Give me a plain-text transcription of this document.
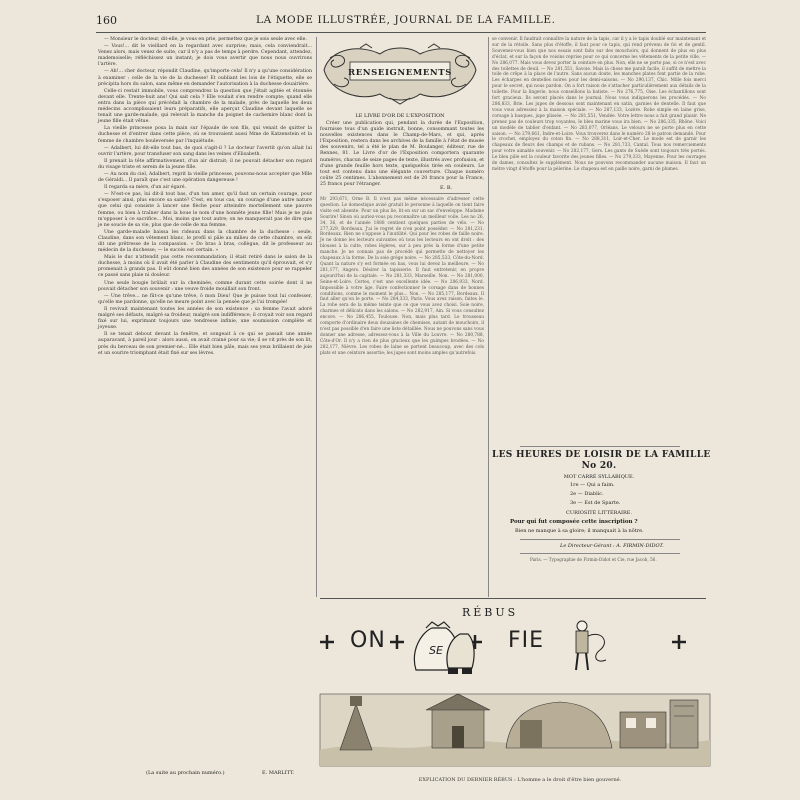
160	LA MODE ILLUSTRÉE, JOURNAL DE LA FAMILLE.

— Monsieur le docteur, dit-elle, je vous en prie, permettez que je sois seule avec elle.

— Vous!... dit le vieillard en la regardant avec surprise; mais, cela conviendrait... Venez alors, mais venez de suite, car il n'y a pas de temps à perdre. Cependant, attendez, mademoiselle; réfléchissez un instant; je dois vous avertir que nous nous ouvrirons l'artère.

— Ah!... cher docteur, répondit Claudine, qu'importe cela! Il n'y a qu'une considération à examiner : celle de la vie de la duchesse! Et oubliant les lois de l'étiquette, elle se précipita hors du salon, sans même en demander l'autorisation à la duchesse douairière.

Celle-ci restait immobile, vous comprendrez la question que j'était agitée et étonnée devant elle. Trente-huit ans! Qui sait cela ? Elle voulait s'en rendre compte; quand elle entra dans la pièce qui précédait la chambre de la malade, près de laquelle les deux médecins accomplissaient leurs préparatifs, elle aperçut Claudine devant laquelle se tenait une garde-malade, qui relevait la manche du poignet de cachemire blanc dont la jeune fille était vêtue.

La vieille princesse posa la main sur l'épaule de son fils, qui venait de quitter la duchesse et d'entrer dans cette pièce, où se trouvaient aussi Mme de Katzenstein et la femme de chambre bouleversée par l'inquiétude.

— Adalbert, lui dit-elle tout bas, de quoi s'agit-il ? Le docteur l'avertit qu'on allait lui ouvrir l'artère, pour transfuser son sang dans les veines d'Elisabeth.

Il prenait la tête affirmativement, d'un air distrait; il ne pouvait détacher son regard du visage triste et serein de la jeune fille.

— Au nom du ciel, Adalbert, reprit la vieille princesse, pouvons-nous accepter que Mlle de Géraldi... Il paraît que c'est une opération dangereuse !

Il regarda sa mère, d'un air égaré.

— N'est-ce pas, lui dit-il tout bas, d'un ton amer, qu'il faut un certain courage, pour s'exposer ainsi, plus encore sa santé? C'est, en tous cas, un courage d'une autre nature que celui qui consiste à lancer une flèche pour atteindre mortellement une pauvre femme, ou bien à traîner dans la boue le nom d'une honnête jeune fille! Mais je ne puis m'opposer à ce sacrifice... Moi, moins que tout autre; on ne manquerait pas de dire que je ne soucie de sa vie, plus que de celle de ma femme.

Une garde-malade baissa les rideaux dans la chambre de la duchesse : seule, Claudine, dans son vêtement blanc, le profil si pâle au milieu de cette chambre, on eût dit une prêtresse de la compassion. « Do bras à bras, collègue, dit le professeur au médecin de la duchesse; — le succès est certain. »

Mais le duc n'attendit pas cette recommandation; il était retiré dans le salon de la duchesse, à moins où il avait été parler à Claudine des sentiments qu'il éprouvait, et s'y promenait à grands pas. Il eût donné bien des années de son existence pour se rappeler ce passé sans plaie ni douleur.

Une seule bougie brûlait sur la cheminée, comme durant cette soirée dont il ne pouvait détacher son souvenir : une veuve froide mouillait son front.

— Une trêve... ne fût-ce qu'une trêve, ô mon Dieu! Que je puisse tout lui confesser, qu'elle me pardonne, qu'elle ne meure point avec la pensée que je l'ai trompée!

Il revivait maintenant toutes les années de son existence : sa femme l'avait adoré malgré ses défauts, malgré sa froideur, malgré son indifférence; il croyait voir son regard fixé sur lui, exprimant toujours une tendresse infinie, une soumission complète et joyeuse.

Il se tenait debout devant la fenêtre, et songeait à ce qui se passait une année auparavant, à pareil jour : alors aussi, on avait crainé pour sa vie; il se vit près de son lit, près du berceau de son premier-né... Elle était bien pâle, mais ses yeux brillaient de joie et un sourire triomphant était fixé sur ses lèvres.

(La suite au prochain numéro.)	E. MARLITT.
RENSEIGNEMENTS
LE LIVRE D'OR DE L'EXPOSITION

Créer une publication qui, pendant la durée de l'Exposition, fournisse tous d'un guide instruit, bonne, consommant toutes les nouvelles existences dans le Champ-de-Mars, et qui, après l'Exposition, restera dans les archives de la famille à l'état de musée des souvenirs, tel a été le plan de M. Boulanger, éditeur, rue de Rennes, 81. Le Livre d'or de l'Exposition comportera quarante numéros, chacun de seize pages de texte, illustrés avec profusion, et d'une grande feuille hors texte, quelquefois tirée en couleurs. Le tout est contenu dans une élégante couverture. Chaque numéro coûte 25 centimes. L'abonnement est de 20 francs pour la France, 25 francs pour l'étranger.

E. B.
Mr 293,671, Orne B. Il n'est pas même nécessaire d'adresser cette question. Le domestique avisé gratuit le personne à laquelle on tient faire visite est absente. Pour un plus lie, lit-on sur un sac d'enveloppe. Madame Sourire! Sinon où auriez-vous pu reconnaître un meilleur voile. Les no 26, 34, 36, et de l'année 1888 centient quelques parties de vélo. — No 277,329, Bordeaux. J'ai le regret de n'en point posséder. — No 281,231, Bordeaux. Rien ne s'oppose à l'inutilité. Qui pour les robes de faille noire. Je ne donne les lecteurs suivantes où tous les lecteurs en ont droit : des blouses à la culte, robes légères, sur à peu près la forme d'une petite manche. Je ne connais pas de procédé qui permette de nettoyer les chapeaux à la forme. De la soie grège noire. — No 285,533, Côte-du-Nord. Quant la nature s'y est formée en bas, vous lui devez la meilleure. — No 281,177, Angers. Désirer la tapisserie. Il faut entretenir, en propre aujourd'hui de la capitale. — No 281,333, Marseille. Non. — No 281,000, Seine-et-Loire. Certes, c'est une excellente idée. — No 286,933, Nord. Impossible à votre âge. Faire confectionner le corsage dans de bonnes conditions, comme le moment le plus... Non. — No 285,177, Bordeaux. Il faut aller qu'on le porte. — No 284,333, Paris. Vous avez raison, faites le. La robe sera de la même teinte que ce que vous avez choisi. Soie noire, charmes et délicats dans les salons. — No 282,917, Ain. Si vous consultez encore. — No 286,455, Toulouse. Non, mais plus tard. Le trousseau comporte d'ordinaire deux douzaines de chemises, autant de mouchoirs, il n'est pas possible d'en faire une liste détaillée. Nous ne pouvons sans vous donner une adresse, adressez-vous à la Ville du Louvre. — No 280,788, Côte-d'Or. Il n'y a rien de plus gracieux que les guimpes brodées. — No 282,177, Nièvre. Les robes de laine se portent beaucoup, avec des cols plats et une ceinture assortie; les jupes sont moins amples qu'autrefois.
se convenir. Il faudrait connaître la nature de la tapis, car il y a le tapis doublé sur maintenant et sur de la rétoile. Sans plus d'étoffe, il faut pour ce tapis, qui rend prévenu de foi et de gentil. Souvenez-vous bien que nos essais sont faits sur des mouchoirs, qui donnent de plus en plus d'éclat, et sur la façon de voisins reprise pour ce qui concerne les vêtements de la petite ville. — No 286,077. Mais vous devez porter la ceinture en plus. Non, elle ne se porte pas, si ce n'est avec des toilettes de deuil. — No 281,551, Savoie. Mais la chose me paraît facile, il suffit de mettre la toile de crêpe à la place de l'autre. Sans aucun doute, les manches plates font partie de la robe. Les écharpes en dentelles noires pour les demi-saisons. — No 290,137, Chic. Mille fois merci pour le secret, qui nous pardon. On a fort raison de s'attacher particulièrement aux détails de la toilette. Pour la lingerie, nous conseillons la batiste. — No 276,775, Oise. Les échantillons sont fort gracieux. Ils seront placés dans le journal. Nous vous indiquerons les procédés. — No 286,833, Brie. Les jupes de dessous sont maintenant en satin, garnies de dentelle. Il faut que vous vous adressiez à la maison spéciale. — No 287,133, Lozère. Robe simple en laine grise, corsage à basques, jupe plissée. — No 281,551, Vendée. Votre lettre nous a fait grand plaisir. Ne prenez pas de couleurs trop voyantes, le bleu marine vous ira bien. — No 286,335, Rhône. Voici un modèle de tablier d'enfant. — No 283,077, Orléans. Le velours ne se porte plus en cette saison. — No 279,661, Indre-et-Loire. Vous trouverez dans le numéro 28 le patron demandé. Pour le crochet, employez du coton fin. — No 288,311, Loir-et-Cher. Le mode est de garnir les chapeaux de fleurs des champs et de rubans. — No 281,733, Cantal. Tous nos remerciements pour votre aimable souvenir. — No 282,177, Gers. Les gants de Suède sont toujours très portés. Le bleu pâle est la couleur favorite des jeunes filles. — No 279,333, Mayenne. Pour les ouvrages de dames, consultez le supplément. Nous ne pouvons recommander aucune maison. Il faut un mètre vingt d'étoffe pour la pèlerine. Le chapeau est en paille noire, garni de plumes.
LES HEURES DE LOISIR DE LA FAMILLE
No 20.
MOT CARRÉ SYLLABIQUE.
1re — Qui a faim.
2e — Diablic.
3e — Est de Sparte.
CURIOSITÉ LITTÉRAIRE.
Pour qui fut composée cette inscription ?
Bien ne manque à sa gloire; il manquait à la nôtre.
Le Directeur-Gérant : A. FIRMIN-DIDOT.
Paris. — Typographie de Firmin-Didot et Cie, rue Jacob, 56.
RÉBUS
SE
ON	FIE
EXPLICATION DU DERNIER RÉBUS : L'homme a le droit d'être bien gouverné.
